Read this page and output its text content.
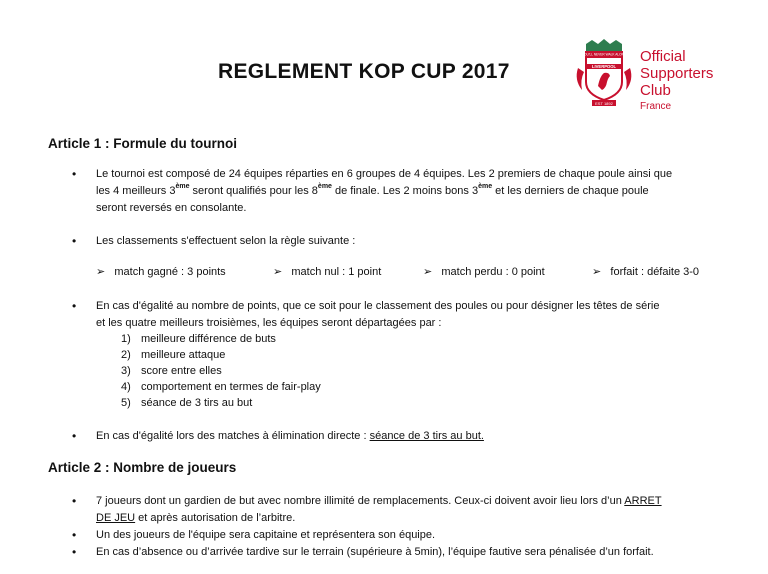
REGLEMENT KOP CUP 2017
YOU'LL NEVER WALK ALONE
LIVERPOOL
EST 1892
Official
Supporters
Club
France
Article 1 : Formule du tournoi
• Le tournoi est composé de 24 équipes réparties en 6 groupes de 4 équipes. Les 2 premiers de chaque poule ainsi que
les 4 meilleurs 3ème seront qualifiés pour les 8ème de finale. Les 2 moins bons 3ème et les derniers de chaque poule
seront reversés en consolante.
• Les classements s'effectuent selon la règle suivante :
➢   match gagné : 3 points	➢   match nul : 1 point	➢   match perdu : 0 point	➢   forfait : défaite 3-0
• En cas d'égalité au nombre de points, que ce soit pour le classement des poules ou pour désigner les têtes de série
et les quatre meilleurs troisièmes, les équipes seront départagées par :
1) meilleure différence de buts
2) meilleure attaque
3) score entre elles
4) comportement en termes de fair-play
5) séance de 3 tirs au but
• En cas d'égalité lors des matches à élimination directe : séance de 3 tirs au but.
Article 2 : Nombre de joueurs
• 7 joueurs dont un gardien de but avec nombre illimité de remplacements. Ceux-ci doivent avoir lieu lors d’un ARRET
DE JEU et après autorisation de l’arbitre.
• Un des joueurs de l'équipe sera capitaine et représentera son équipe.
• En cas d’absence ou d’arrivée tardive sur le terrain (supérieure à 5min), l’équipe fautive sera pénalisée d’un forfait.
